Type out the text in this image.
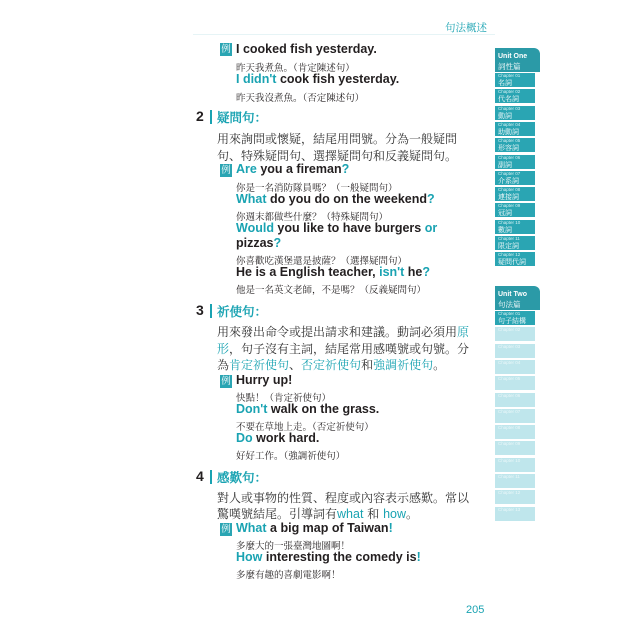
句法概述
例 I cooked fish yesterday.
昨天我煮魚。（肯定陳述句）
I didn't cook fish yesterday.
昨天我沒煮魚。（否定陳述句）
2 疑問句：
用來詢問或懷疑，結尾用問號。分為一般疑問
句、特殊疑問句、選擇疑問句和反義疑問句。
例 Are you a fireman?
你是一名消防隊員嗎？（一般疑問句）
What do you do on the weekend?
你週末都做些什麼？（特殊疑問句）
Would you like to have burgers or
pizzas?
你喜歡吃漢堡還是披薩？（選擇疑問句）
He is a English teacher, isn't he?
他是一名英文老師，不是嗎？（反義疑問句）
3 祈使句：
用來發出命令或提出請求和建議。動詞必須用原
形，句子沒有主詞，結尾常用感嘆號或句號。分
為肯定祈使句、否定祈使句和強調祈使句。
例 Hurry up!
快點！（肯定祈使句）
Don't walk on the grass.
不要在草地上走。（否定祈使句）
Do work hard.
好好工作。（強調祈使句）
4 感歎句：
對人或事物的性質、程度或內容表示感歎。常以
驚嘆號結尾。引導詞有what 和 how。
例 What a big map of Taiwan!
多麼大的一張臺灣地圖啊！
How interesting the comedy is!
多麼有趣的喜劇電影啊！
205
Unit One
詞性篇
Chapter 01
名詞
Chapter 02
代名詞
Chapter 03
動詞
Chapter 04
助動詞
Chapter 05
形容詞
Chapter 06
副詞
Chapter 07
介系詞
Chapter 08
連接詞
Chapter 09
冠詞
Chapter 10
數詞
Chapter 11
限定詞
Chapter 12
疑問代詞
Unit Two
句法篇
Chapter 01
句子結構
Chapter 02
Chapter 03
Chapter 04
Chapter 05
Chapter 06
Chapter 07
Chapter 08
Chapter 09
Chapter 10
Chapter 11
Chapter 12
Chapter 13
